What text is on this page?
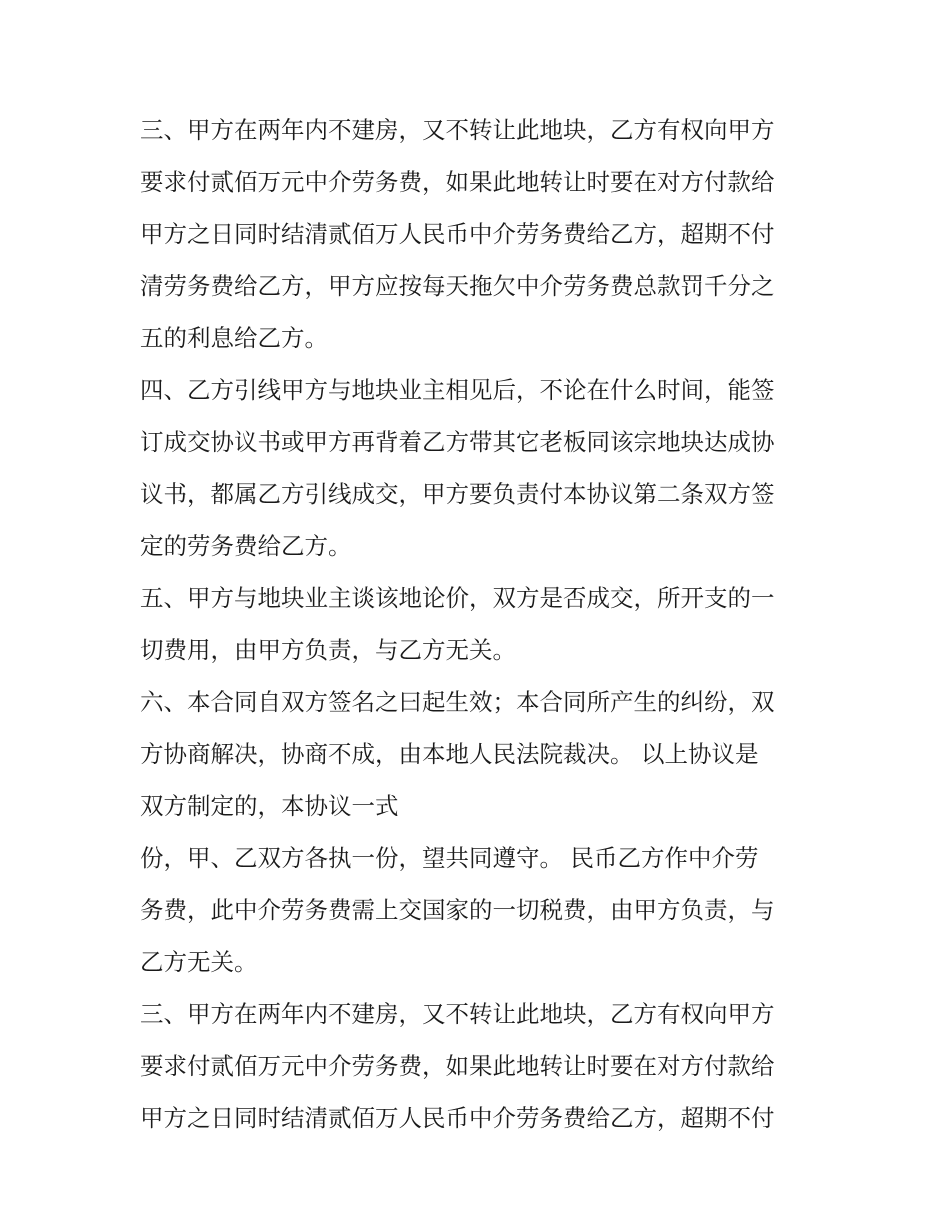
三、甲方在两年内不建房，又不转让此地块，乙方有权向甲方
要求付贰佰万元中介劳务费，如果此地转让时要在对方付款给
甲方之日同时结清贰佰万人民币中介劳务费给乙方，超期不付
清劳务费给乙方，甲方应按每天拖欠中介劳务费总款罚千分之
五的利息给乙方。
四、乙方引线甲方与地块业主相见后，不论在什么时间，能签
订成交协议书或甲方再背着乙方带其它老板同该宗地块达成协
议书，都属乙方引线成交，甲方要负责付本协议第二条双方签
定的劳务费给乙方。
五、甲方与地块业主谈该地论价，双方是否成交，所开支的一
切费用，由甲方负责，与乙方无关。
六、本合同自双方签名之曰起生效；本合同所产生的纠纷，双
方协商解决，协商不成，由本地人民法院裁决。 以上协议是
双方制定的，本协议一式
份，甲、乙双方各执一份，望共同遵守。 民币乙方作中介劳
务费，此中介劳务费需上交国家的一切税费，由甲方负责，与
乙方无关。
三、甲方在两年内不建房，又不转让此地块，乙方有权向甲方
要求付贰佰万元中介劳务费，如果此地转让时要在对方付款给
甲方之日同时结清贰佰万人民币中介劳务费给乙方，超期不付
